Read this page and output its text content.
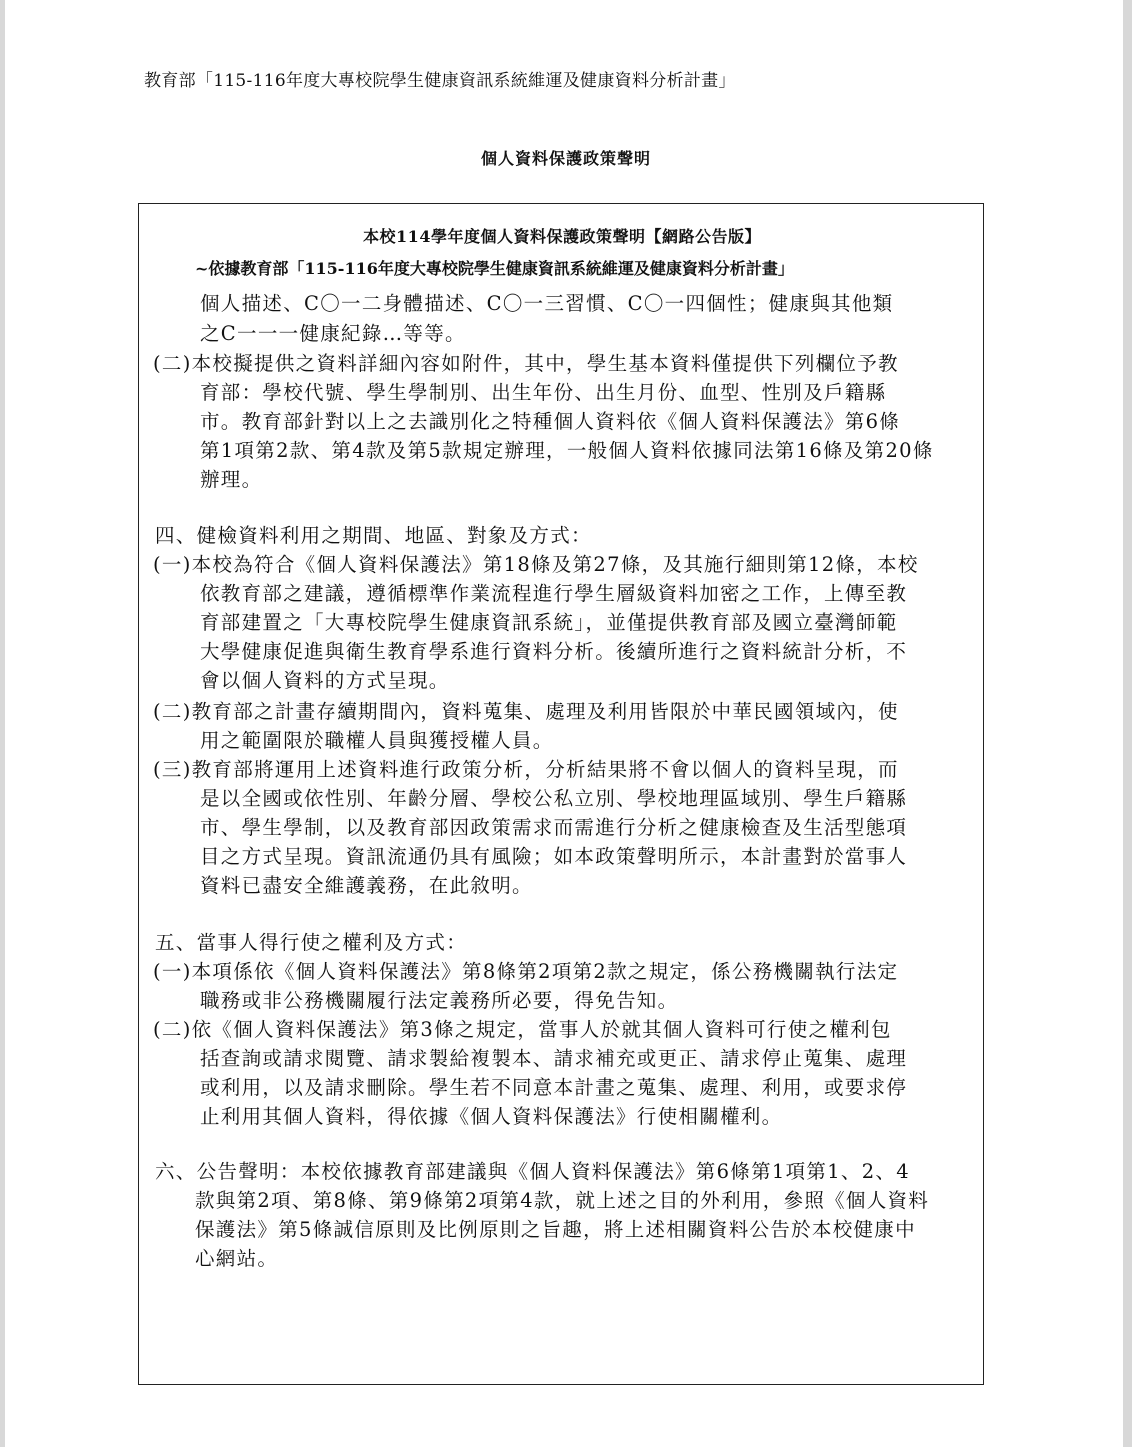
教育部「115-116年度大專校院學生健康資訊系統維運及健康資料分析計畫」
個人資料保護政策聲明
本校114學年度個人資料保護政策聲明【網路公告版】
~依據教育部「115-116年度大專校院學生健康資訊系統維運及健康資料分析計畫」
個人描述、C〇一二身體描述、C〇一三習慣、C〇一四個性；健康與其他類
之C一一一健康紀錄…等等。
(二)本校擬提供之資料詳細內容如附件，其中，學生基本資料僅提供下列欄位予教
育部：學校代號、學生學制別、出生年份、出生月份、血型、性別及戶籍縣
市。教育部針對以上之去識別化之特種個人資料依《個人資料保護法》第6條
第1項第2款、第4款及第5款規定辦理，一般個人資料依據同法第16條及第20條
辦理。
四、健檢資料利用之期間、地區、對象及方式：
(一)本校為符合《個人資料保護法》第18條及第27條，及其施行細則第12條，本校
依教育部之建議，遵循標準作業流程進行學生層級資料加密之工作，上傳至教
育部建置之「大專校院學生健康資訊系統」，並僅提供教育部及國立臺灣師範
大學健康促進與衛生教育學系進行資料分析。後續所進行之資料統計分析，不
會以個人資料的方式呈現。
(二)教育部之計畫存續期間內，資料蒐集、處理及利用皆限於中華民國領域內，使
用之範圍限於職權人員與獲授權人員。
(三)教育部將運用上述資料進行政策分析，分析結果將不會以個人的資料呈現，而
是以全國或依性別、年齡分層、學校公私立別、學校地理區域別、學生戶籍縣
市、學生學制，以及教育部因政策需求而需進行分析之健康檢查及生活型態項
目之方式呈現。資訊流通仍具有風險；如本政策聲明所示，本計畫對於當事人
資料已盡安全維護義務，在此敘明。
五、當事人得行使之權利及方式：
(一)本項係依《個人資料保護法》第8條第2項第2款之規定，係公務機關執行法定
職務或非公務機關履行法定義務所必要，得免告知。
(二)依《個人資料保護法》第3條之規定，當事人於就其個人資料可行使之權利包
括查詢或請求閱覽、請求製給複製本、請求補充或更正、請求停止蒐集、處理
或利用，以及請求刪除。學生若不同意本計畫之蒐集、處理、利用，或要求停
止利用其個人資料，得依據《個人資料保護法》行使相關權利。
六、公告聲明：本校依據教育部建議與《個人資料保護法》第6條第1項第1、2、4
款與第2項、第8條、第9條第2項第4款，就上述之目的外利用，參照《個人資料
保護法》第5條誠信原則及比例原則之旨趣，將上述相關資料公告於本校健康中
心網站。
